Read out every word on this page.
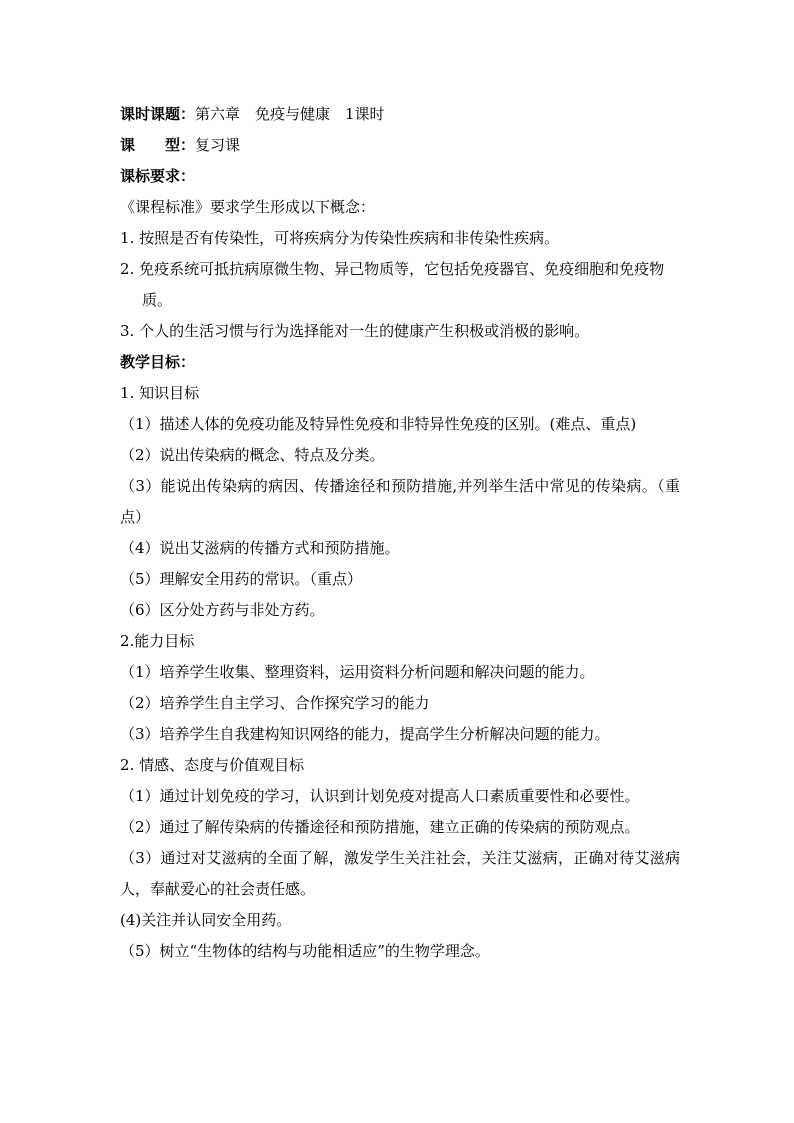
课时课题：第六章　免疫与健康　1课时
课　　型：复习课
课标要求：
《课程标准》要求学生形成以下概念：
1. 按照是否有传染性，可将疾病分为传染性疾病和非传染性疾病。
2. 免疫系统可抵抗病原微生物、异己物质等，它包括免疫器官、免疫细胞和免疫物质。
3. 个人的生活习惯与行为选择能对一生的健康产生积极或消极的影响。
教学目标：
1. 知识目标
（1）描述人体的免疫功能及特异性免疫和非特异性免疫的区别。(难点、重点)
（2）说出传染病的概念、特点及分类。
（3）能说出传染病的病因、传播途径和预防措施,并列举生活中常见的传染病。（重点）
（4）说出艾滋病的传播方式和预防措施。
（5）理解安全用药的常识。（重点）
（6）区分处方药与非处方药。
2.能力目标
（1）培养学生收集、整理资料，运用资料分析问题和解决问题的能力。
（2）培养学生自主学习、合作探究学习的能力
（3）培养学生自我建构知识网络的能力，提高学生分析解决问题的能力。
2. 情感、态度与价值观目标
（1）通过计划免疫的学习，认识到计划免疫对提高人口素质重要性和必要性。
（2）通过了解传染病的传播途径和预防措施，建立正确的传染病的预防观点。
（3）通过对艾滋病的全面了解，激发学生关注社会，关注艾滋病，正确对待艾滋病人，奉献爱心的社会责任感。
(4)关注并认同安全用药。
（5）树立“生物体的结构与功能相适应”的生物学理念。
